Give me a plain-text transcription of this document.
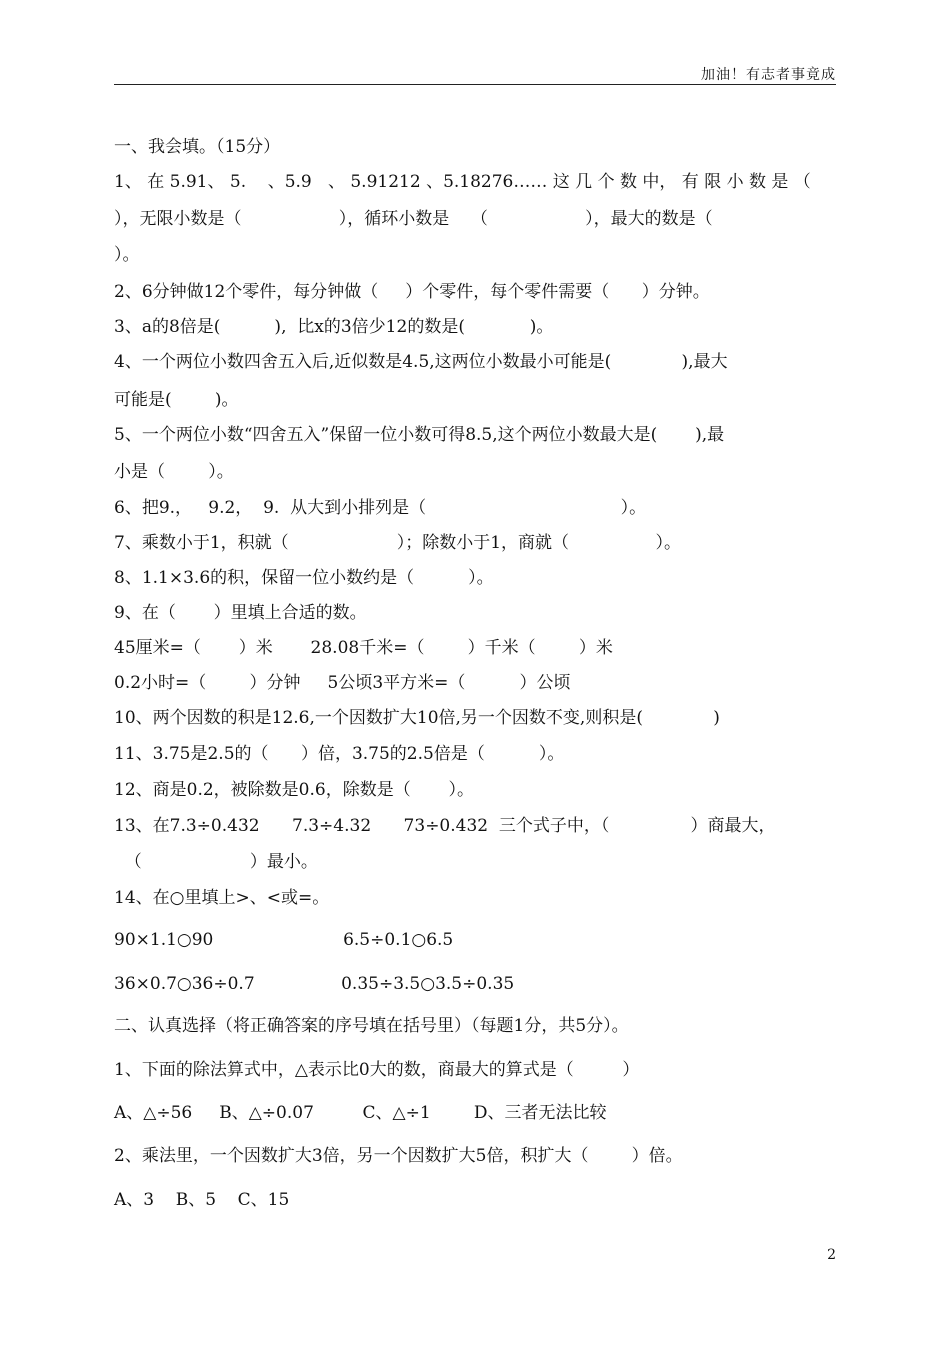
加油！有志者事竟成
一、我会填。（15分）
1、 在 5.91、 5.    、5.9   、 5.91212 、5.18276…… 这 几 个 数 中， 有 限 小 数 是 （
），无限小数是（                  ），循环小数是    （                  ），最大的数是（
）。
2、6分钟做12个零件，每分钟做（     ）个零件，每个零件需要（      ）分钟。
3、a的8倍是(          ),  比x的3倍少12的数是(            )。
4、一个两位小数四舍五入后,近似数是4.5,这两位小数最小可能是(             ),最大
可能是(        )。
5、一个两位小数“四舍五入”保留一位小数可得8.5,这个两位小数最大是(       ),最
小是（        ）。
6、把9.，   9.2，  9.  从大到小排列是（                                    ）。
7、乘数小于1，积就（                    ）；除数小于1，商就（                ）。
8、1.1×3.6的积，保留一位小数约是（          ）。
9、在（       ）里填上合适的数。
45厘米=（       ）米       28.08千米=（        ）千米（        ）米
0.2小时=（        ）分钟     5公顷3平方米=（          ）公顷
10、两个因数的积是12.6,一个因数扩大10倍,另一个因数不变,则积是(             )
11、3.75是2.5的（      ）倍，3.75的2.5倍是（          ）。
12、商是0.2，被除数是0.6，除数是（       ）。
13、在7.3÷0.432      7.3÷4.32      73÷0.432  三个式子中，（               ）商最大，
（                    ）最小。
14、在○里填上>、<或=。
90×1.1○90                        6.5÷0.1○6.5
36×0.7○36÷0.7                0.35÷3.5○3.5÷0.35
二、认真选择（将正确答案的序号填在括号里）（每题1分，共5分）。
1、下面的除法算式中，△表示比0大的数，商最大的算式是（         ）
A、△÷56     B、△÷0.07         C、△÷1        D、三者无法比较
2、乘法里，一个因数扩大3倍，另一个因数扩大5倍，积扩大（        ）倍。
A、3    B、5    C、15
2
